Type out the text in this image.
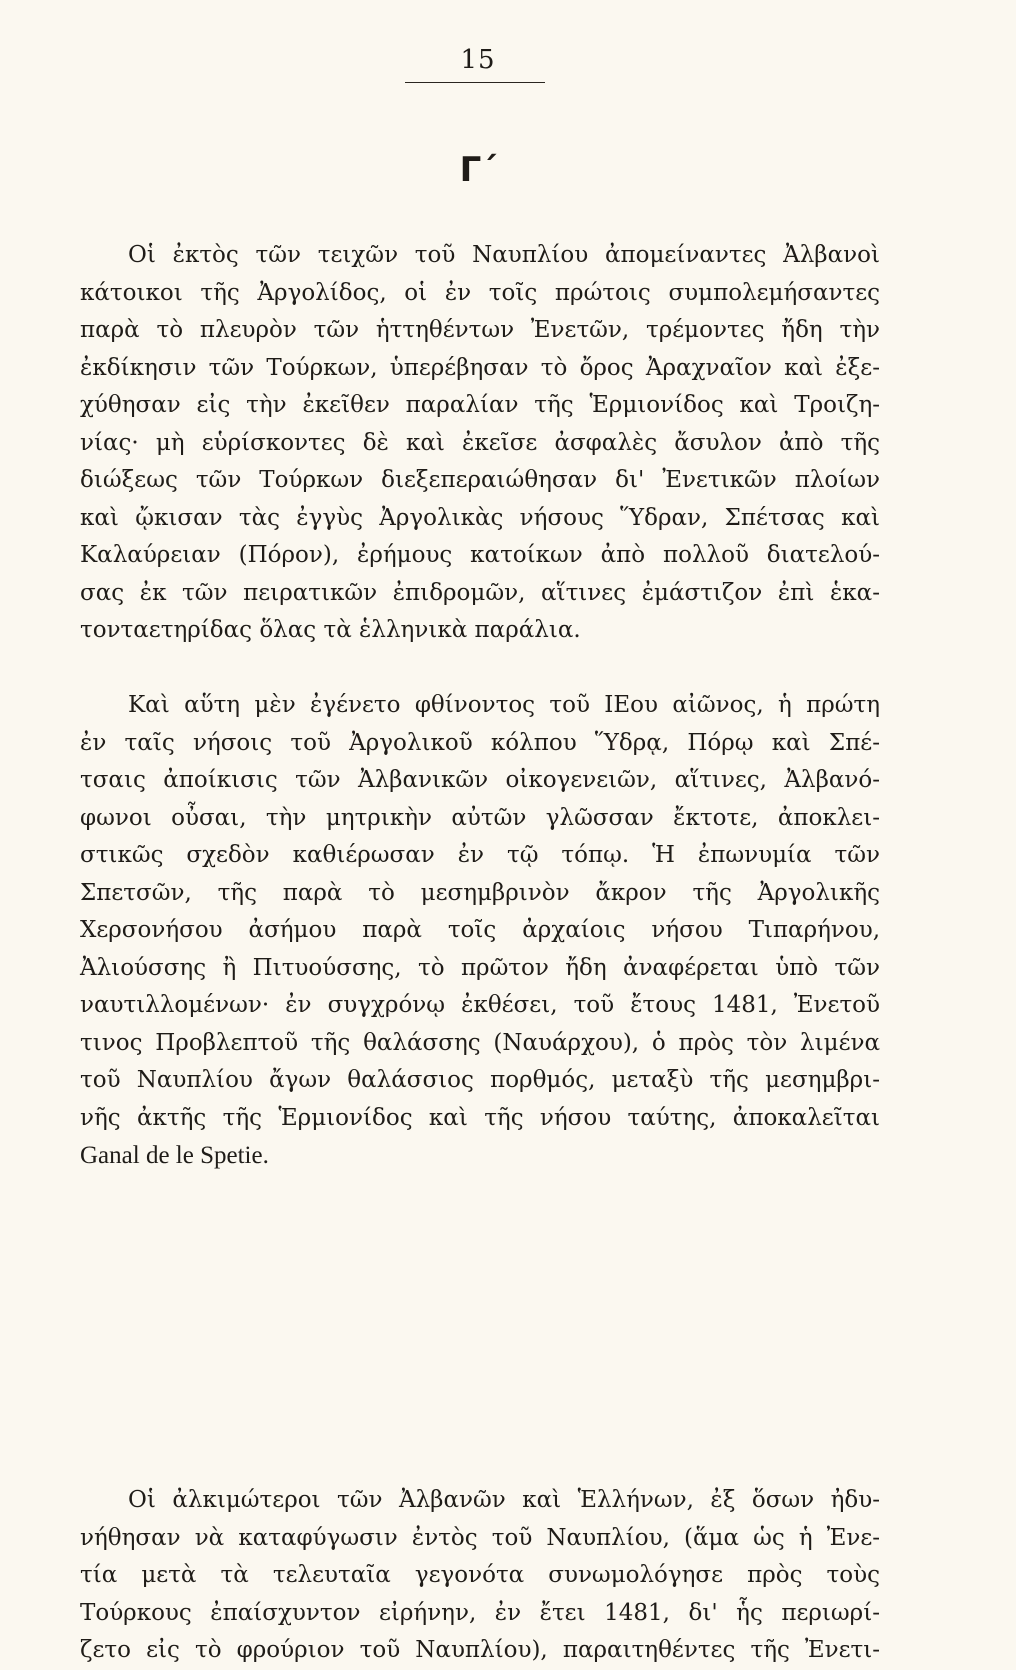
15
Γ΄
Οἱ ἐκτὸς τῶν τειχῶν τοῦ Ναυπλίου ἀπομείναντες Ἀλβανοὶ
κάτοικοι τῆς Ἀργολίδος, οἱ ἐν τοῖς πρώτοις συμπολεμήσαντες
παρὰ τὸ πλευρὸν τῶν ἡττηθέντων Ἐνετῶν, τρέμοντες ἤδη τὴν
ἐκδίκησιν τῶν Τούρκων, ὑπερέβησαν τὸ ὄρος Ἀραχναῖον καὶ ἐξε-
χύθησαν εἰς τὴν ἐκεῖθεν παραλίαν τῆς Ἑρμιονίδος καὶ Τροιζη-
νίας· μὴ εὑρίσκοντες δὲ καὶ ἐκεῖσε ἀσφαλὲς ἄσυλον ἀπὸ τῆς
διώξεως τῶν Τούρκων διεξεπεραιώθησαν δι' Ἐνετικῶν πλοίων
καὶ ᾤκισαν τὰς ἐγγὺς Ἀργολικὰς νήσους Ὕδραν, Σπέτσας καὶ
Καλαύρειαν (Πόρον), ἐρήμους κατοίκων ἀπὸ πολλοῦ διατελού-
σας ἐκ τῶν πειρατικῶν ἐπιδρομῶν, αἵτινες ἐμάστιζον ἐπὶ ἑκα-
τονταετηρίδας ὅλας τὰ ἑλληνικὰ παράλια.
Καὶ αὕτη μὲν ἐγένετο φθίνοντος τοῦ ΙΕου αἰῶνος, ἡ πρώτη
ἐν ταῖς νήσοις τοῦ Ἀργολικοῦ κόλπου Ὕδρᾳ, Πόρῳ καὶ Σπέ-
τσαις ἀποίκισις τῶν Ἀλβανικῶν οἰκογενειῶν, αἵτινες, Ἀλβανό-
φωνοι οὖσαι, τὴν μητρικὴν αὐτῶν γλῶσσαν ἔκτοτε, ἀποκλει-
στικῶς σχεδὸν καθιέρωσαν ἐν τῷ τόπῳ. Ἡ ἐπωνυμία τῶν
Σπετσῶν, τῆς παρὰ τὸ μεσημβρινὸν ἄκρον τῆς Ἀργολικῆς
Χερσονήσου ἀσήμου παρὰ τοῖς ἀρχαίοις νήσου Τιπαρήνου,
Ἀλιούσσης ἢ Πιτυούσσης, τὸ πρῶτον ἤδη ἀναφέρεται ὑπὸ τῶν
ναυτιλλομένων· ἐν συγχρόνῳ ἐκθέσει, τοῦ ἔτους 1481, Ἐνετοῦ
τινος Προβλεπτοῦ τῆς θαλάσσης (Ναυάρχου), ὁ πρὸς τὸν λιμένα
τοῦ Ναυπλίου ἄγων θαλάσσιος πορθμός, μεταξὺ τῆς μεσημβρι-
νῆς ἀκτῆς τῆς Ἑρμιονίδος καὶ τῆς νήσου ταύτης, ἀποκαλεῖται
Ganal de le Spetie.
Οἱ ἀλκιμώτεροι τῶν Ἀλβανῶν καὶ Ἑλλήνων, ἐξ ὅσων ἠδυ-
νήθησαν νὰ καταφύγωσιν ἐντὸς τοῦ Ναυπλίου, (ἅμα ὡς ἡ Ἐνε-
τία μετὰ τὰ τελευταῖα γεγονότα συνωμολόγησε πρὸς τοὺς
Τούρκους ἐπαίσχυντον εἰρήνην, ἐν ἔτει 1481, δι' ἧς περιωρί-
ζετο εἰς τὸ φρούριον τοῦ Ναυπλίου), παραιτηθέντες τῆς Ἐνετι-
